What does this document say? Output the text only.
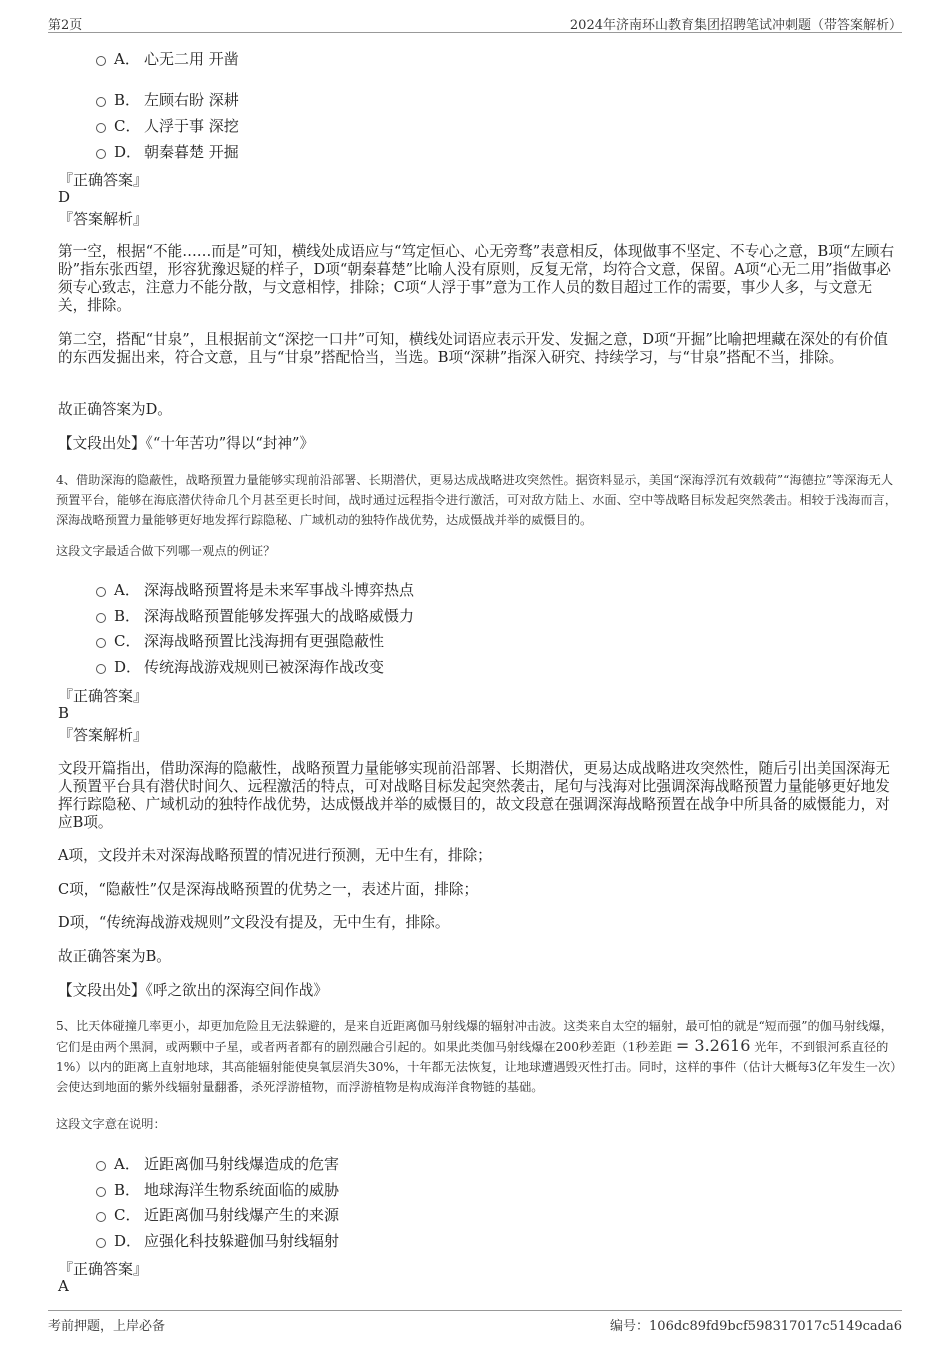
第2页	2024年济南环山教育集团招聘笔试冲刺题（带答案解析）
A． 心无二用 开凿
B． 左顾右盼 深耕
C． 人浮于事 深挖
D． 朝秦暮楚 开掘
『正确答案』
D
『答案解析』
第一空，根据“不能……而是”可知，横线处成语应与“笃定恒心、心无旁骛”表意相反，体现做事不坚定、不专心之意，B项“左顾右盼”指东张西望，形容犹豫迟疑的样子，D项“朝秦暮楚”比喻人没有原则，反复无常，均符合文意，保留。A项“心无二用”指做事必须专心致志，注意力不能分散，与文意相悖，排除；C项“人浮于事”意为工作人员的数目超过工作的需要，事少人多，与文意无关，排除。
第二空，搭配“甘泉”，且根据前文“深挖一口井”可知，横线处词语应表示开发、发掘之意，D项“开掘”比喻把埋藏在深处的有价值的东西发掘出来，符合文意，且与“甘泉”搭配恰当，当选。B项“深耕”指深入研究、持续学习，与“甘泉”搭配不当，排除。
故正确答案为D。
【文段出处】《“十年苦功”得以“封神”》
4、借助深海的隐蔽性，战略预置力量能够实现前沿部署、长期潜伏，更易达成战略进攻突然性。据资料显示，美国“深海浮沉有效载荷”“海德拉”等深海无人预置平台，能够在海底潜伏待命几个月甚至更长时间，战时通过远程指令进行激活，可对敌方陆上、水面、空中等战略目标发起突然袭击。相较于浅海而言，深海战略预置力量能够更好地发挥行踪隐秘、广域机动的独特作战优势，达成慑战并举的威慑目的。
这段文字最适合做下列哪一观点的例证？
A． 深海战略预置将是未来军事战斗博弈热点
B． 深海战略预置能够发挥强大的战略威慑力
C． 深海战略预置比浅海拥有更强隐蔽性
D． 传统海战游戏规则已被深海作战改变
『正确答案』
B
『答案解析』
文段开篇指出，借助深海的隐蔽性，战略预置力量能够实现前沿部署、长期潜伏，更易达成战略进攻突然性，随后引出美国深海无人预置平台具有潜伏时间久、远程激活的特点，可对战略目标发起突然袭击，尾句与浅海对比强调深海战略预置力量能够更好地发挥行踪隐秘、广域机动的独特作战优势，达成慑战并举的威慑目的，故文段意在强调深海战略预置在战争中所具备的威慑能力，对应B项。
A项，文段并未对深海战略预置的情况进行预测，无中生有，排除；
C项，“隐蔽性”仅是深海战略预置的优势之一，表述片面，排除；
D项，“传统海战游戏规则”文段没有提及，无中生有，排除。
故正确答案为B。
【文段出处】《呼之欲出的深海空间作战》
5、比天体碰撞几率更小，却更加危险且无法躲避的，是来自近距离伽马射线爆的辐射冲击波。这类来自太空的辐射，最可怕的就是“短而强”的伽马射线爆，它们是由两个黑洞，或两颗中子星，或者两者都有的剧烈融合引起的。如果此类伽马射线爆在200秒差距（1秒差距 = 3.2616 光年，不到银河系直径的1%）以内的距离上直射地球，其高能辐射能使臭氧层消失30%，十年都无法恢复，让地球遭遇毁灭性打击。同时，这样的事件（估计大概每3亿年发生一次）会使达到地面的紫外线辐射量翻番，杀死浮游植物，而浮游植物是构成海洋食物链的基础。
这段文字意在说明：
A． 近距离伽马射线爆造成的危害
B． 地球海洋生物系统面临的威胁
C． 近距离伽马射线爆产生的来源
D． 应强化科技躲避伽马射线辐射
『正确答案』
A
考前押题，上岸必备	编号：106dc89fd9bcf598317017c5149cada6
